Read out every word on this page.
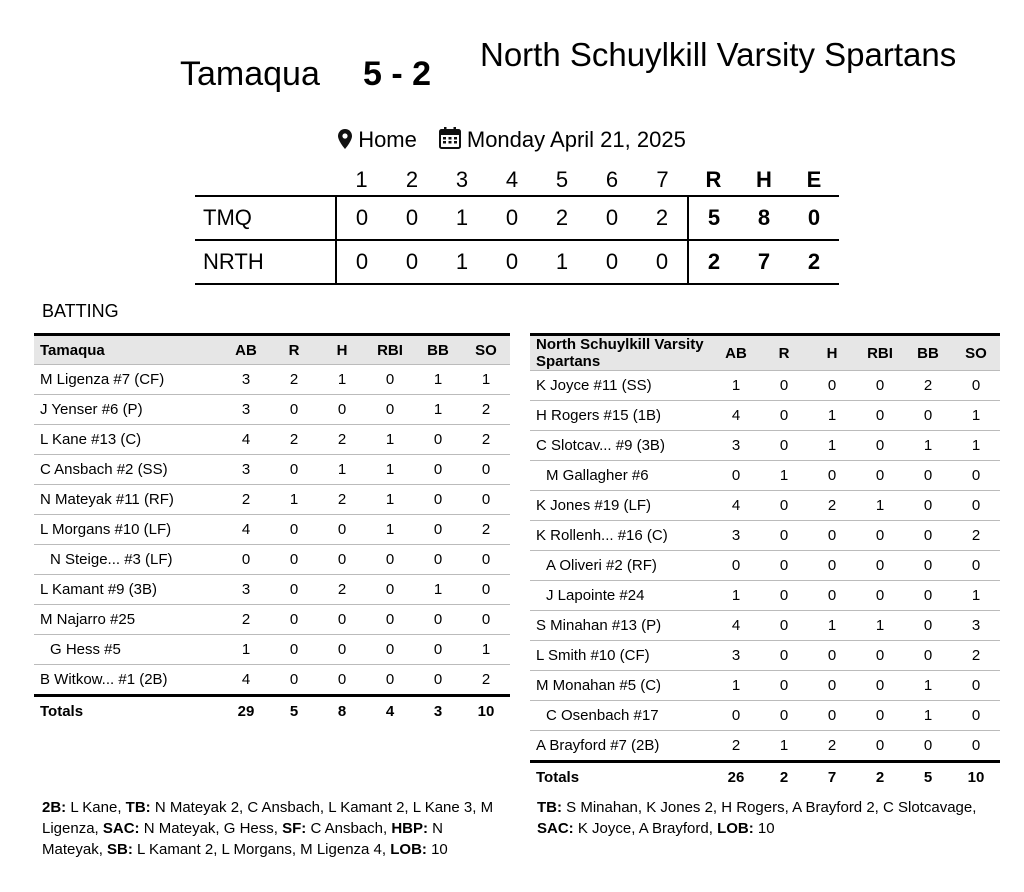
Tamaqua 5 - 2
North Schuylkill Varsity Spartans
Home Monday April 21, 2025
	1	2	3	4	5	6	7	R	H	E
TMQ	0	0	1	0	2	0	2	5	8	0
NRTH	0	0	1	0	1	0	0	2	7	2
BATTING
Tamaqua	AB	R	H	RBI	BB	SO
M Ligenza #7 (CF)	3	2	1	0	1	1
J Yenser #6 (P)	3	0	0	0	1	2
L Kane #13 (C)	4	2	2	1	0	2
C Ansbach #2 (SS)	3	0	1	1	0	0
N Mateyak #11 (RF)	2	1	2	1	0	0
L Morgans #10 (LF)	4	0	0	1	0	2
N Steige... #3 (LF)	0	0	0	0	0	0
L Kamant #9 (3B)	3	0	2	0	1	0
M Najarro #25	2	0	0	0	0	0
G Hess #5	1	0	0	0	0	1
B Witkow... #1 (2B)	4	0	0	0	0	2
Totals	29	5	8	4	3	10
North Schuylkill Varsity Spartans	AB	R	H	RBI	BB	SO
K Joyce #11 (SS)	1	0	0	0	2	0
H Rogers #15 (1B)	4	0	1	0	0	1
C Slotcav... #9 (3B)	3	0	1	0	1	1
M Gallagher #6	0	1	0	0	0	0
K Jones #19 (LF)	4	0	2	1	0	0
K Rollenh... #16 (C)	3	0	0	0	0	2
A Oliveri #2 (RF)	0	0	0	0	0	0
J Lapointe #24	1	0	0	0	0	1
S Minahan #13 (P)	4	0	1	1	0	3
L Smith #10 (CF)	3	0	0	0	0	2
M Monahan #5 (C)	1	0	0	0	1	0
C Osenbach #17	0	0	0	0	1	0
A Brayford #7 (2B)	2	1	2	0	0	0
Totals	26	2	7	2	5	10
2B: L Kane, TB: N Mateyak 2, C Ansbach, L Kamant 2, L Kane 3, M Ligenza, SAC: N Mateyak, G Hess, SF: C Ansbach, HBP: N Mateyak, SB: L Kamant 2, L Morgans, M Ligenza 4, LOB: 10
TB: S Minahan, K Jones 2, H Rogers, A Brayford 2, C Slotcavage, SAC: K Joyce, A Brayford, LOB: 10
